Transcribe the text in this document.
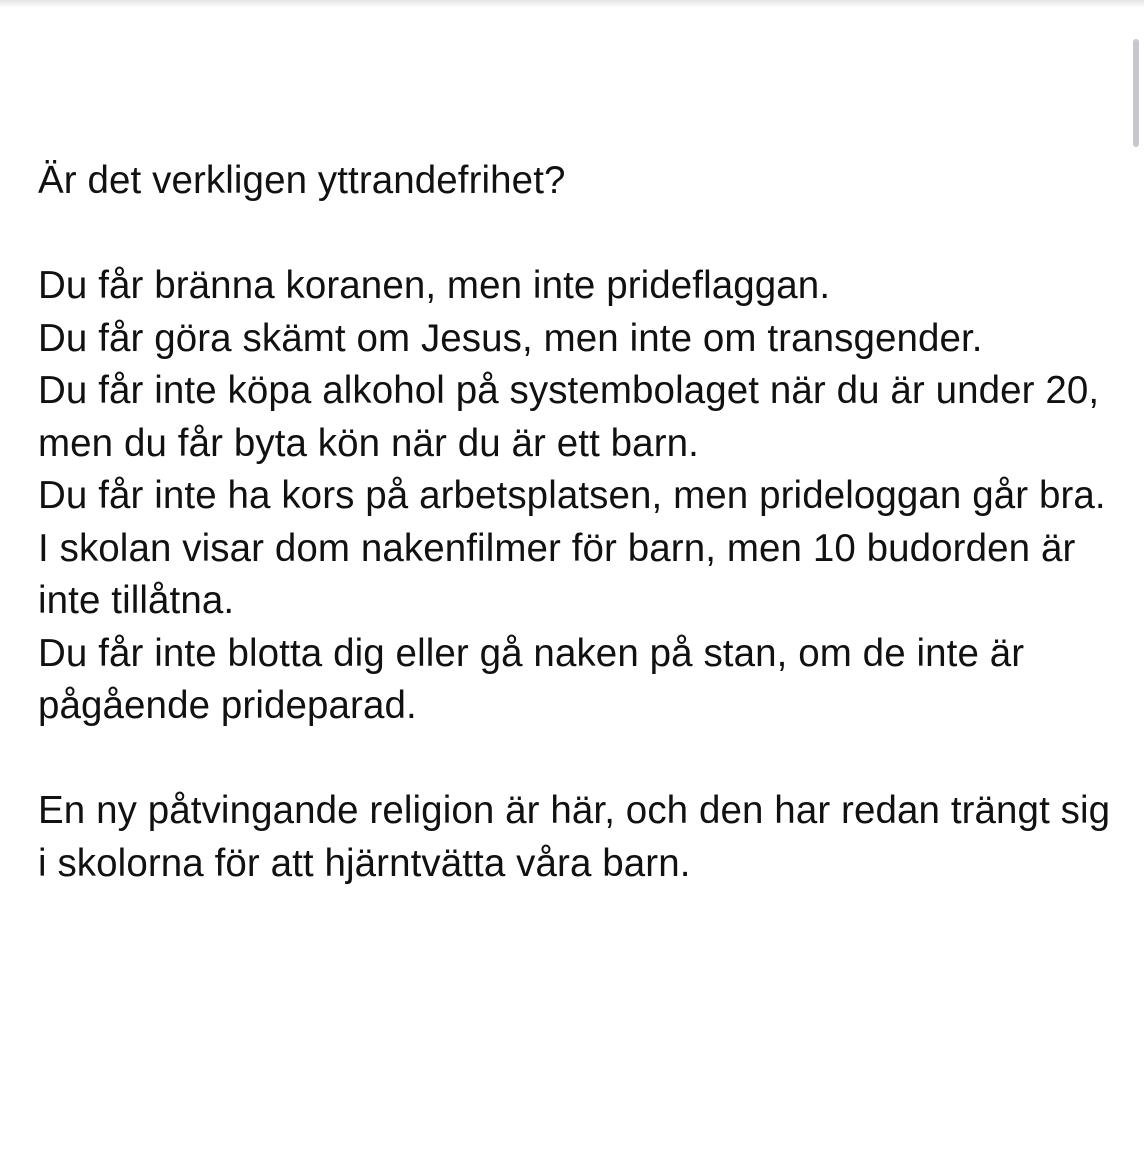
Är det verkligen yttrandefrihet?

Du får bränna koranen, men inte prideflaggan.

Du får göra skämt om Jesus, men inte om transgender.

Du får inte köpa alkohol på systembolaget när du är under 20, men du får byta kön när du är ett barn.

Du får inte ha kors på arbetsplatsen, men prideloggan går bra.

I skolan visar dom nakenfilmer för barn, men 10 budorden är inte tillåtna.

Du får inte blotta dig eller gå naken på stan, om de inte är pågående prideparad.

En ny påtvingande religion är här, och den har redan trängt sig i skolorna för att hjärntvätta våra barn.
